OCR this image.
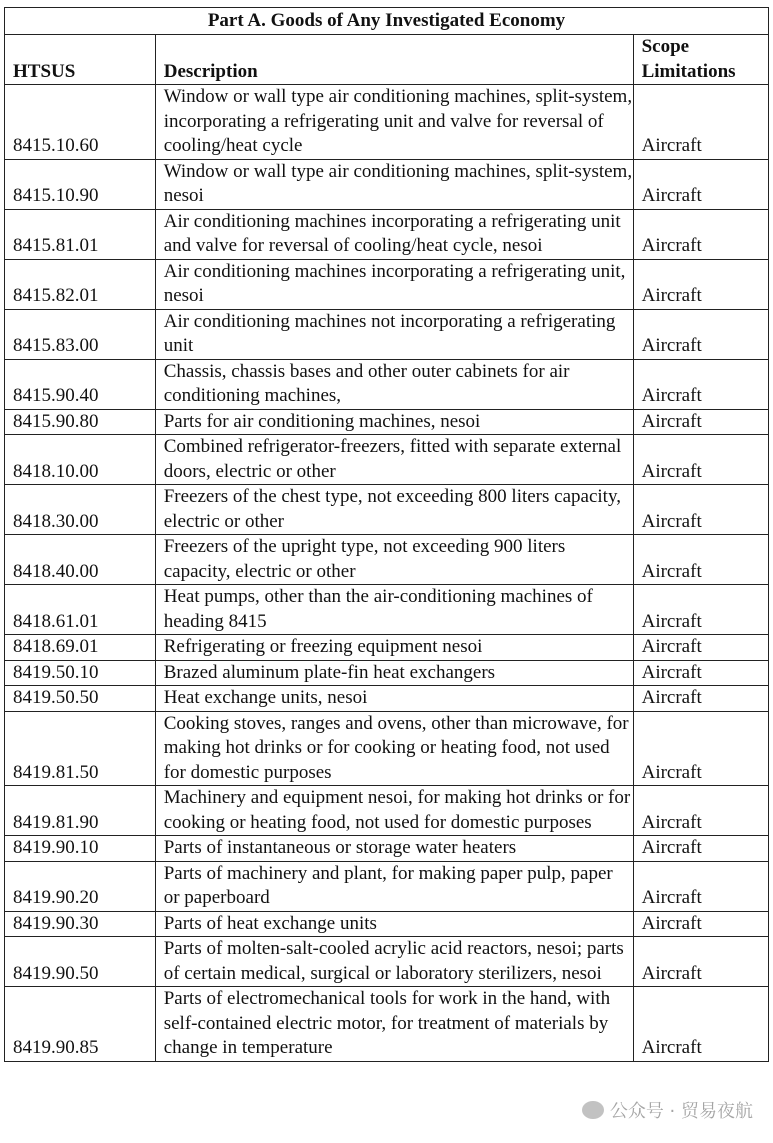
Part A. Goods of Any Investigated Economy		
HTSUS	Description	Scope Limitations
8415.10.60	Window or wall type air conditioning machines, split-system, incorporating a refrigerating unit and valve for reversal of cooling/heat cycle	Aircraft
8415.10.90	Window or wall type air conditioning machines, split-system, nesoi	Aircraft
8415.81.01	Air conditioning machines incorporating a refrigerating unit and valve for reversal of cooling/heat cycle, nesoi	Aircraft
8415.82.01	Air conditioning machines incorporating a refrigerating unit, nesoi	Aircraft
8415.83.00	Air conditioning machines not incorporating a refrigerating unit	Aircraft
8415.90.40	Chassis, chassis bases and other outer cabinets for air conditioning machines,	Aircraft
8415.90.80	Parts for air conditioning machines, nesoi	Aircraft
8418.10.00	Combined refrigerator-freezers, fitted with separate external doors, electric or other	Aircraft
8418.30.00	Freezers of the chest type, not exceeding 800 liters capacity, electric or other	Aircraft
8418.40.00	Freezers of the upright type, not exceeding 900 liters capacity, electric or other	Aircraft
8418.61.01	Heat pumps, other than the air-conditioning machines of heading 8415	Aircraft
8418.69.01	Refrigerating or freezing equipment nesoi	Aircraft
8419.50.10	Brazed aluminum plate-fin heat exchangers	Aircraft
8419.50.50	Heat exchange units, nesoi	Aircraft
8419.81.50	Cooking stoves, ranges and ovens, other than microwave, for making hot drinks or for cooking or heating food, not used for domestic purposes	Aircraft
8419.81.90	Machinery and equipment nesoi, for making hot drinks or for cooking or heating food, not used for domestic purposes	Aircraft
8419.90.10	Parts of instantaneous or storage water heaters	Aircraft
8419.90.20	Parts of machinery and plant, for making paper pulp, paper or paperboard	Aircraft
8419.90.30	Parts of heat exchange units	Aircraft
8419.90.50	Parts of molten-salt-cooled acrylic acid reactors, nesoi; parts of certain medical, surgical or laboratory sterilizers, nesoi	Aircraft
8419.90.85	Parts of electromechanical tools for work in the hand, with self-contained electric motor, for treatment of materials by change in temperature	Aircraft
公众号 · 贸易夜航
